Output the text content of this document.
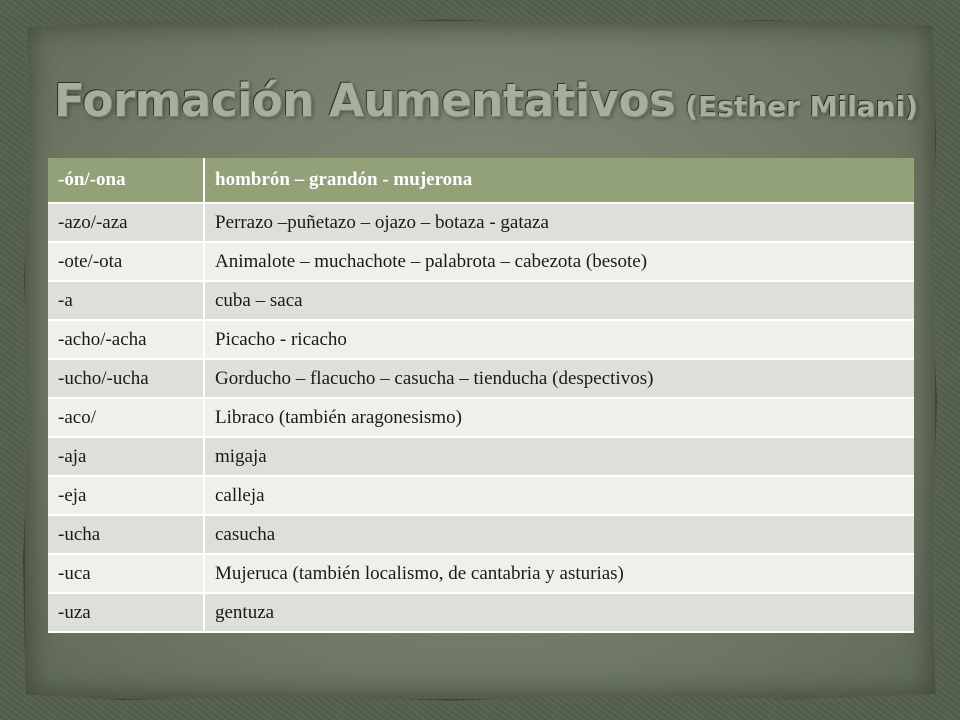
Formación Aumentativos (Esther Milani)
-ón/-ona	hombrón – grandón - mujerona
-azo/-aza	Perrazo –puñetazo – ojazo – botaza - gataza
-ote/-ota	Animalote – muchachote – palabrota – cabezota (besote)
-a	cuba – saca
-acho/-acha	Picacho - ricacho
-ucho/-ucha	Gorducho – flacucho – casucha – tienducha (despectivos)
-aco/	Libraco (también aragonesismo)
-aja	migaja
-eja	calleja
-ucha	casucha
-uca	Mujeruca (también localismo, de cantabria y asturias)
-uza	gentuza
